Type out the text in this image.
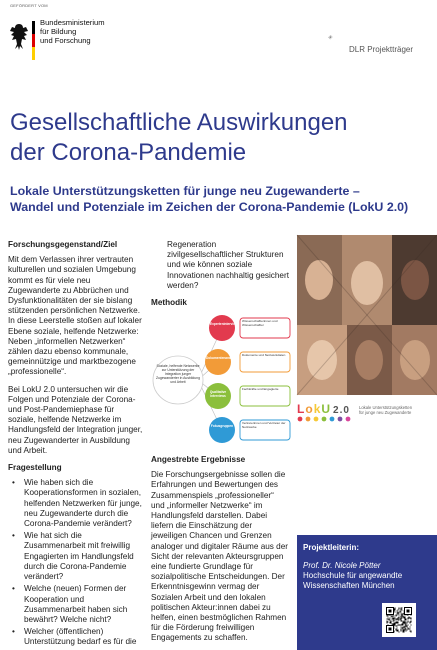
GEFÖRDERT VOM
Bundesministerium
für Bildung
und Forschung
DLR Projektträger
Gesellschaftliche Auswirkungen
der Corona-Pandemie
Lokale Unterstützungsketten für junge neu Zugewanderte –
Wandel und Potenziale im Zeichen der Corona-Pandemie (LokU 2.0)
Forschungsgegenstand/Ziel
Mit dem Verlassen ihrer vertrauten kulturellen und sozialen Umgebung kommt es für viele neu Zugewanderte zu Abbrüchen und Dysfunktionalitäten der sie bislang stützenden persönlichen Netzwerke. In diese Leerstelle stoßen auf lokaler Ebene soziale, helfende Netzwerke: Neben „informellen Netzwerken“ zählen dazu ebenso kommunale, gemeinnützige und marktbezogene „professionelle“.
Bei LokU 2.0 untersuchen wir die Folgen und Potenziale der Corona- und Post-Pandemiephase für soziale, helfende Netzwerke im Handlungsfeld der Integration junger, neu Zugewanderter in Ausbildung und Arbeit.
Fragestellung
• Wie haben sich die Kooperationsformen in sozialen, helfenden Netzwerken für junge, neu Zugewanderte durch die Corona-Pandemie verändert?
• Wie hat sich die Zusammenarbeit mit freiwillig Engagierten im Handlungsfeld durch die Corona-Pandemie verändert?
• Welche (neuen) Formen der Kooperation und Zusammenarbeit haben sich bewährt? Welche nicht?
• Welcher (öffentlichen) Unterstützung bedarf es für die
Regeneration zivilgesellschaftlicher Strukturen und wie können soziale Innovationen nachhaltig gesichert werden?
Methodik
Soziale, helfende Netzwerke zur Unterstützung der Integration junger Zugewanderter in Ausbildung und Arbeit
Experteninterviews
Wissenschaftlerinnen und Wissenschaftler
Dokumentenanalyse
Dokumente und Netzwerkdaten
Qualitative Interviews
Fachkräfte und Engagierte
Fokusgruppen
Vertreterinnen und Vertreter der Netzwerke
Angestrebte Ergebnisse
Die Forschungsergebnisse sollen die Erfahrungen und Bewertungen des Zusammenspiels „professioneller“ und „informeller Netzwerke“ im Handlungsfeld darstellen. Dabei liefern die Einschätzung der jeweiligen Chancen und Grenzen analoger und digitaler Räume aus der Sicht der relevanten Akteursgruppen eine fundierte Grundlage für sozialpolitische Entscheidungen. Der Erkenntnisgewinn vermag der Sozialen Arbeit und den lokalen politischen Akteur:innen dabei zu helfen, einen bestmöglichen Rahmen für die Förderung freiwilligen Engagements zu schaffen.
LokU 2.0 Lokale Unterstützungsketten
für junge neu Zugewanderte
Projektleiterin:
Prof. Dr. Nicole Pötter
Hochschule für angewandte
Wissenschaften München
